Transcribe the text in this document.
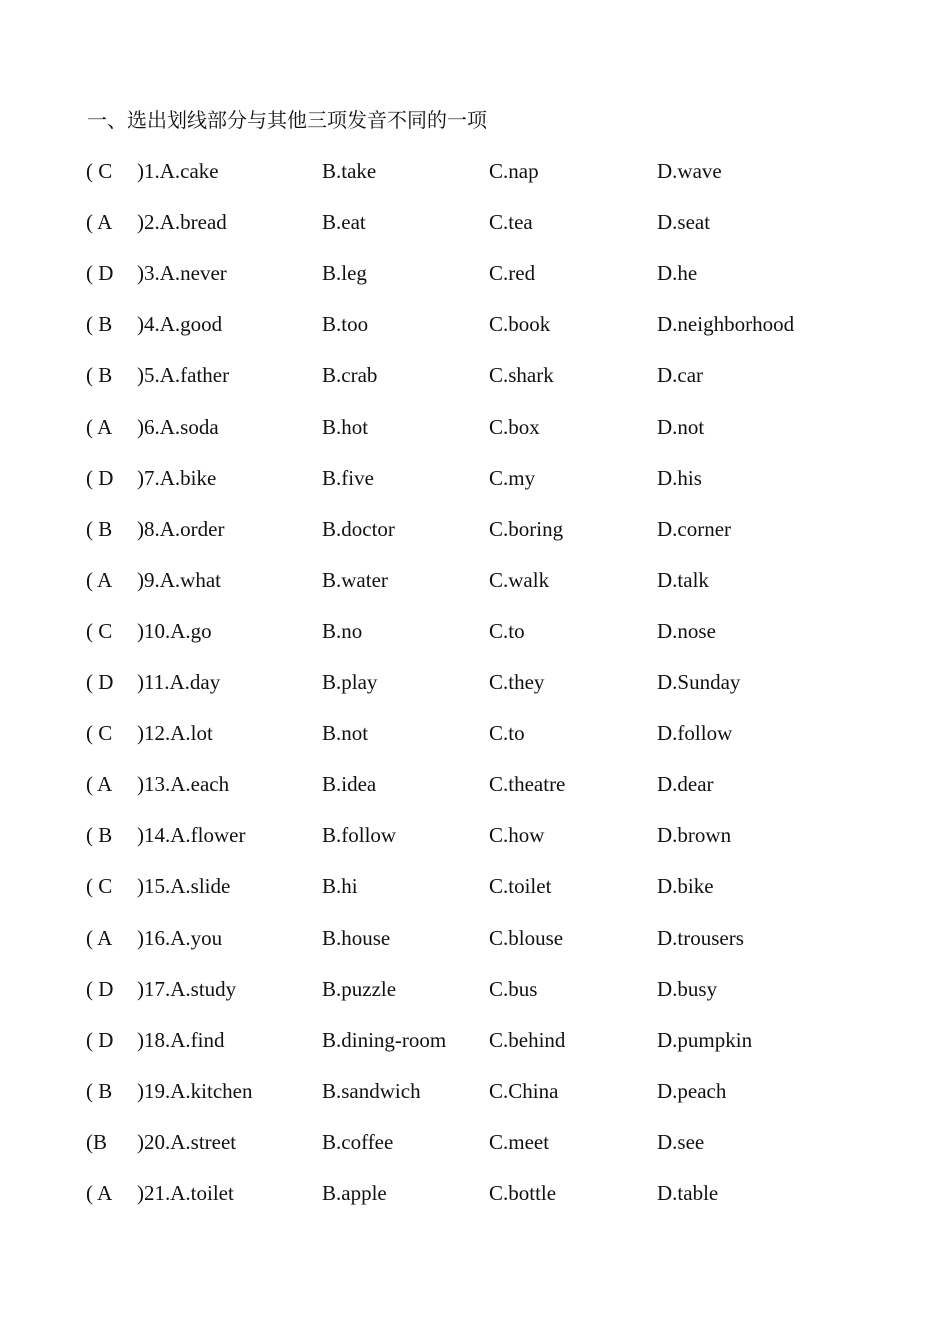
一、选出划线部分与其他三项发音不同的一项
( C )1.A.cake	B.take	C.nap	D.wave
( A )2.A.bread	B.eat	C.tea	D.seat
( D )3.A.never	B.leg	C.red	D.he
( B )4.A.good	B.too	C.book	D.neighborhood
( B )5.A.father	B.crab	C.shark	D.car
( A )6.A.soda	B.hot	C.box	D.not
( D )7.A.bike	B.five	C.my	D.his
( B )8.A.order	B.doctor	C.boring	D.corner
( A )9.A.what	B.water	C.walk	D.talk
( C )10.A.go	B.no	C.to	D.nose
( D )11.A.day	B.play	C.they	D.Sunday
( C )12.A.lot	B.not	C.to	D.follow
( A )13.A.each	B.idea	C.theatre	D.dear
( B )14.A.flower	B.follow	C.how	D.brown
( C )15.A.slide	B.hi	C.toilet	D.bike
( A )16.A.you	B.house	C.blouse	D.trousers
( D )17.A.study	B.puzzle	C.bus	D.busy
( D )18.A.find	B.dining-room C.behind	D.pumpkin
( B )19.A.kitchen	B.sandwich	C.China	D.peach
(B )20.A.street	B.coffee	C.meet	D.see
( A )21.A.toilet	B.apple	C.bottle	D.table
